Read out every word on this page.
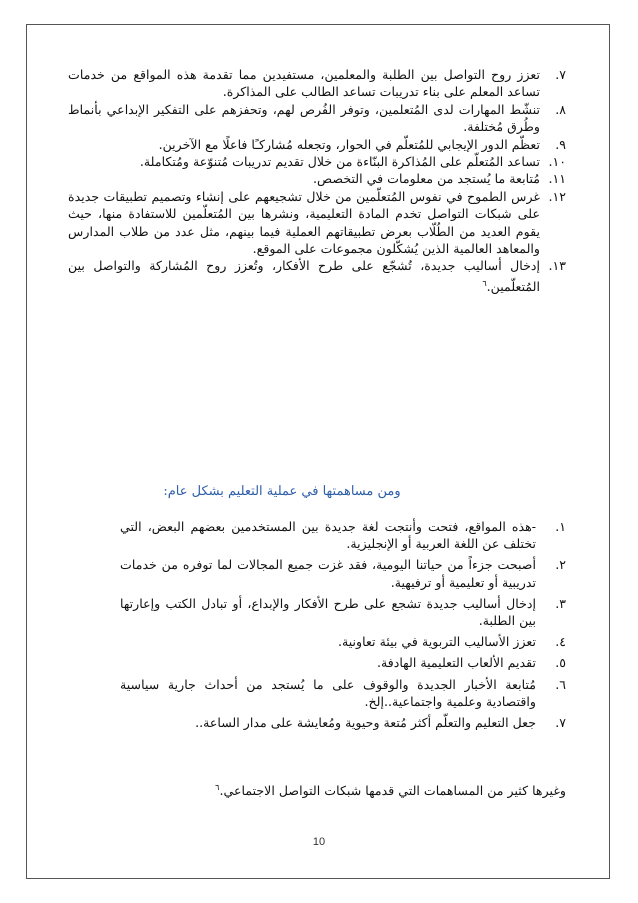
٧.
تعزز روح التواصل بين الطلبة والمعلمين، مستفيدين مما تقدمة هذه المواقع من خدمات تساعد المعلم على بناء تدريبات تساعد الطالب على المذاكرة.
٨.
تنشّط المهارات لدى المُتعلمين، وتوفر الفُرص لهم، وتحفزهم على التفكير الإبداعي بأنماط وطُرق مُختلفة.
٩.
تعظّم الدور الإيجابي للمُتعلّم في الحوار، وتجعله مُشاركـًا فاعلًا مع الآخرين.
١٠.
تساعد المُتعلّم على المُذاكرة البنّاءة من خلال تقديم تدريبات مُتنوّعة ومُتكاملة.
١١.
مُتابعة ما يُستجد من معلومات في التخصص.
١٢.
غرس الطموح في نفوس المُتعلّمين من خلال تشجيعهم على إنشاء وتصميم تطبيقات جديدة على شبكات التواصل تخدم المادة التعليمية، ونشرها بين المُتعلّمين للاستفادة منها، حيث يقوم العديد من الطُلّاب بعرض تطبيقاتهم العملية فيما بينهم، مثل عدد من طلاب المدارس والمعاهد العالمية الذين يُشكّلون مجموعات على الموقع.
١٣.
إدخال أساليب جديدة، تُشجّع على طرح الأفكار، وتُعزز روح المُشاركة والتواصل بين المُتعلّمين.$^٦$
ومن مساهمتها في عملية التعليم بشكل عام:
١.
-هذه المواقع، فتحت وأنتجت لغة جديدة بين المستخدمين بعضهم البعض، التي تختلف عن اللغة العربية أو الإنجليزية.
٢.
أصبحت جزءاً من حياتنا اليومية، فقد غزت جميع المجالات لما توفره من خدمات تدريبية أو تعليمية أو ترفيهية.
٣.
إدخال أساليب جديدة تشجع على طرح الأفكار والإبداع، أو تبادل الكتب وإعارتها بين الطلبة.
٤.
تعزز الأساليب التربوية في بيئة تعاونية.
٥.
تقديم الألعاب التعليمية الهادفة.
٦.
مُتابعة الأخبار الجديدة والوقوف على ما يُستجد من أحداث جارية سياسية واقتصادية وعلمية واجتماعية..إلخ.
٧.
جعل التعليم والتعلّم أكثر مُتعة وحيوية ومُعايشة على مدار الساعة..

وغيرها كثير من المساهمات التي قدمها شبكات التواصل الاجتماعي.$^٦$

10
